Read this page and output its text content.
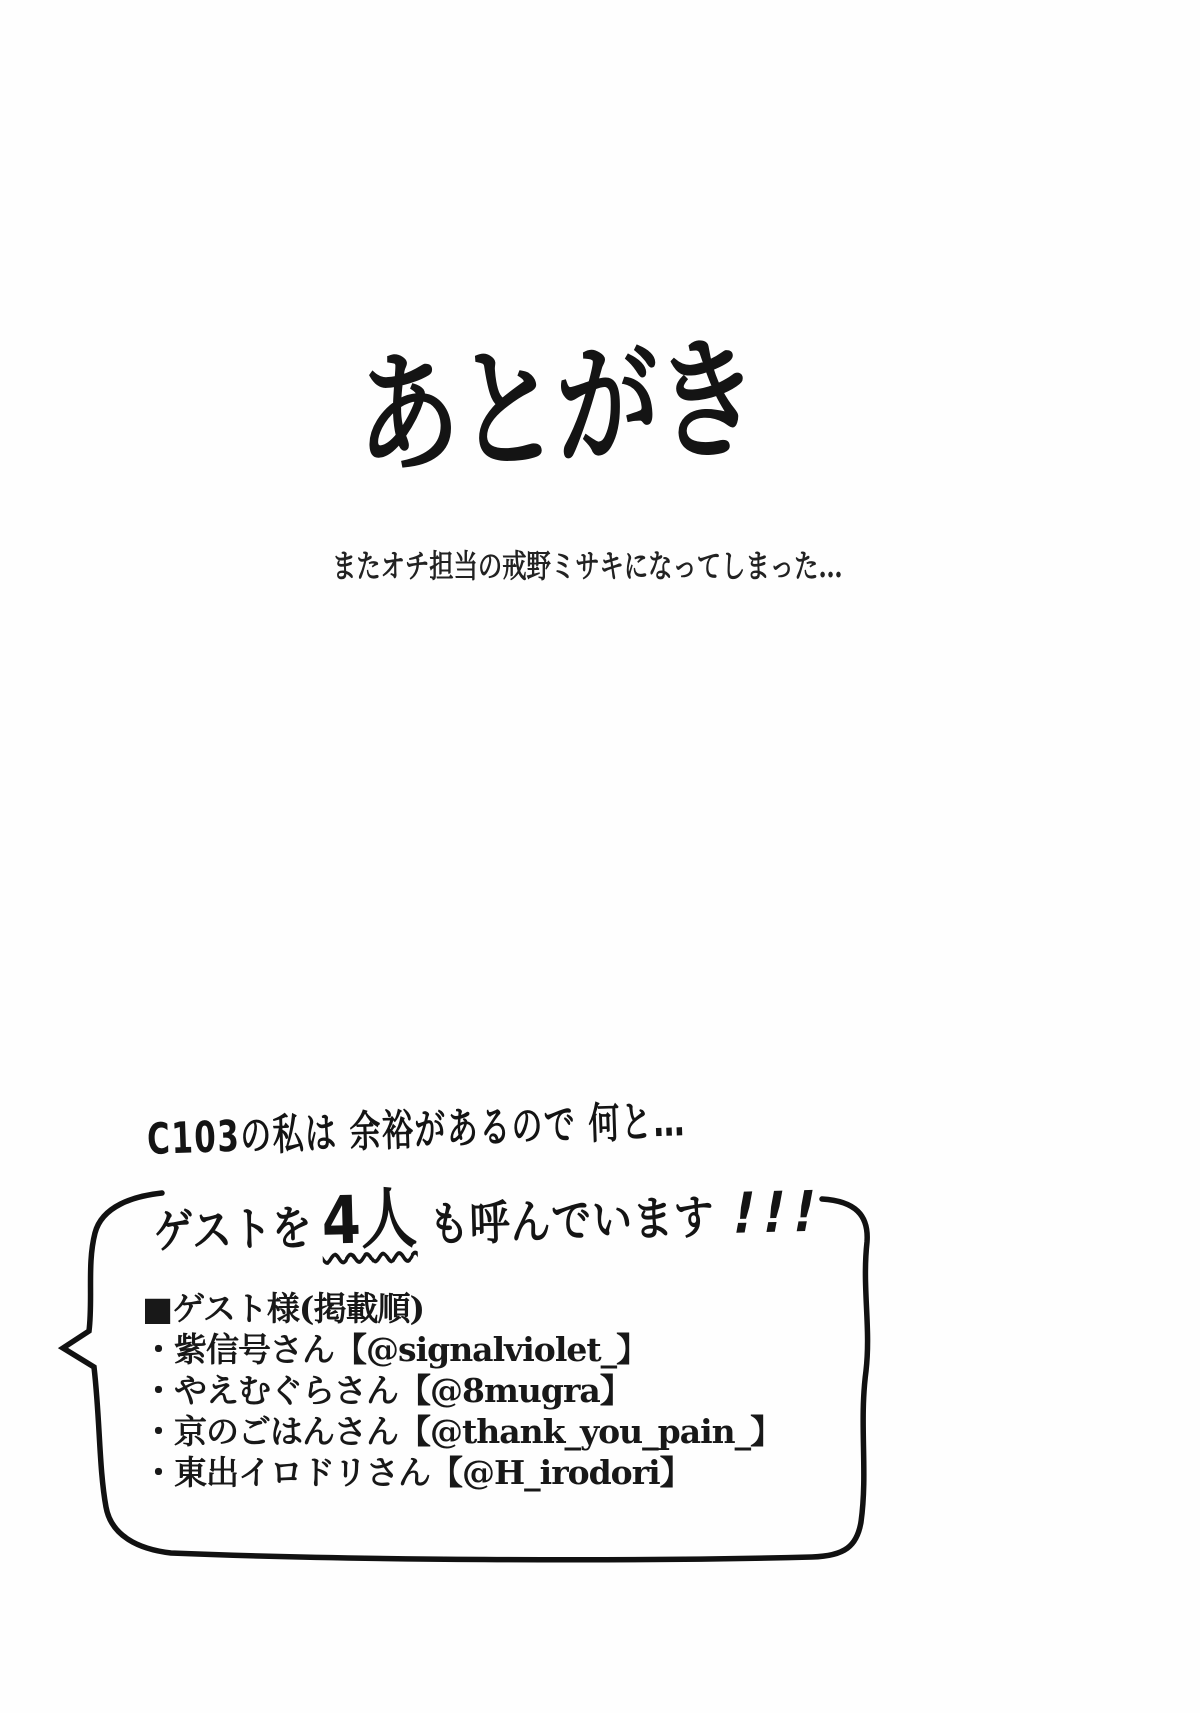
あとがき
またオチ担当の戒野ミサキになってしまった…
C103の私は 余裕があるので 何と…
ゲストを 4人 も呼んでいます !!!
■ゲスト様(掲載順)
・紫信号さん【@signalviolet_】
・やえむぐらさん【@8mugra】
・京のごはんさん【@thank_you_pain_】
・東出イロドリさん【@H_irodori】
